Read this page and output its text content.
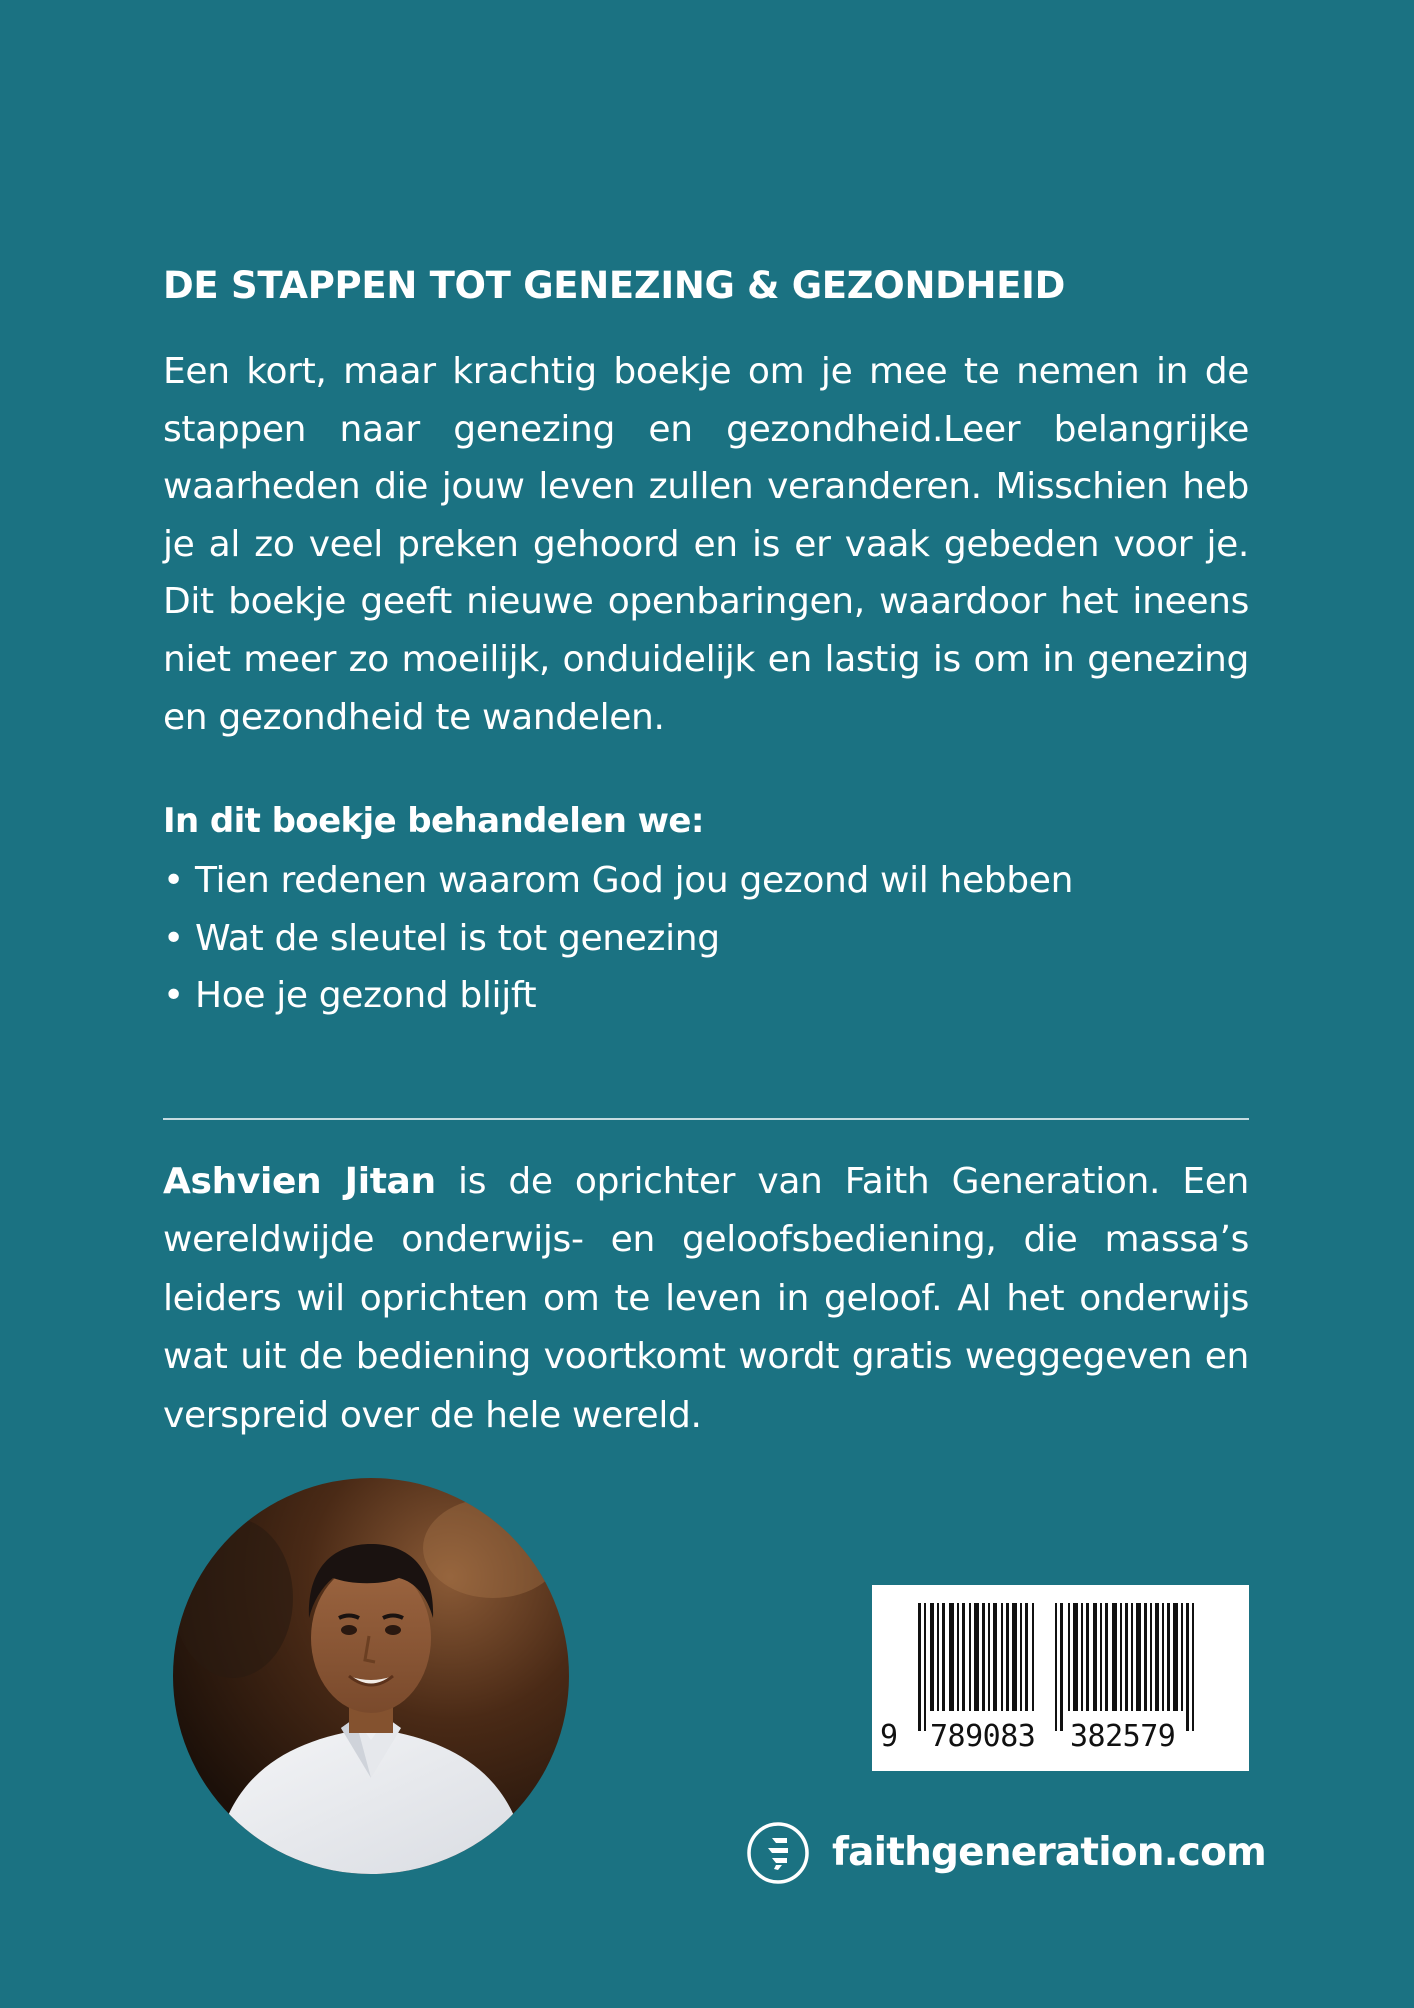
DE STAPPEN TOT GENEZING & GEZONDHEID

Een kort, maar krachtig boekje om je mee te nemen in de stappen naar genezing en gezondheid.Leer belangrijke waarheden die jouw leven zullen veranderen. Misschien heb je al zo veel preken gehoord en is er vaak gebeden voor je. Dit boekje geeft nieuwe openbaringen, waardoor het ineens niet meer zo moeilijk, onduidelijk en lastig is om in genezing en gezondheid te wandelen.

In dit boekje behandelen we:
• Tien redenen waarom God jou gezond wil hebben
• Wat de sleutel is tot genezing
• Hoe je gezond blijft

Ashvien Jitan is de oprichter van Faith Generation. Een wereldwijde onderwijs- en geloofsbediening, die massa’s leiders wil oprichten om te leven in geloof. Al het onderwijs wat uit de bediening voortkomt wordt gratis weggegeven en verspreid over de hele wereld.

9 789083 382579
faithgeneration.com
